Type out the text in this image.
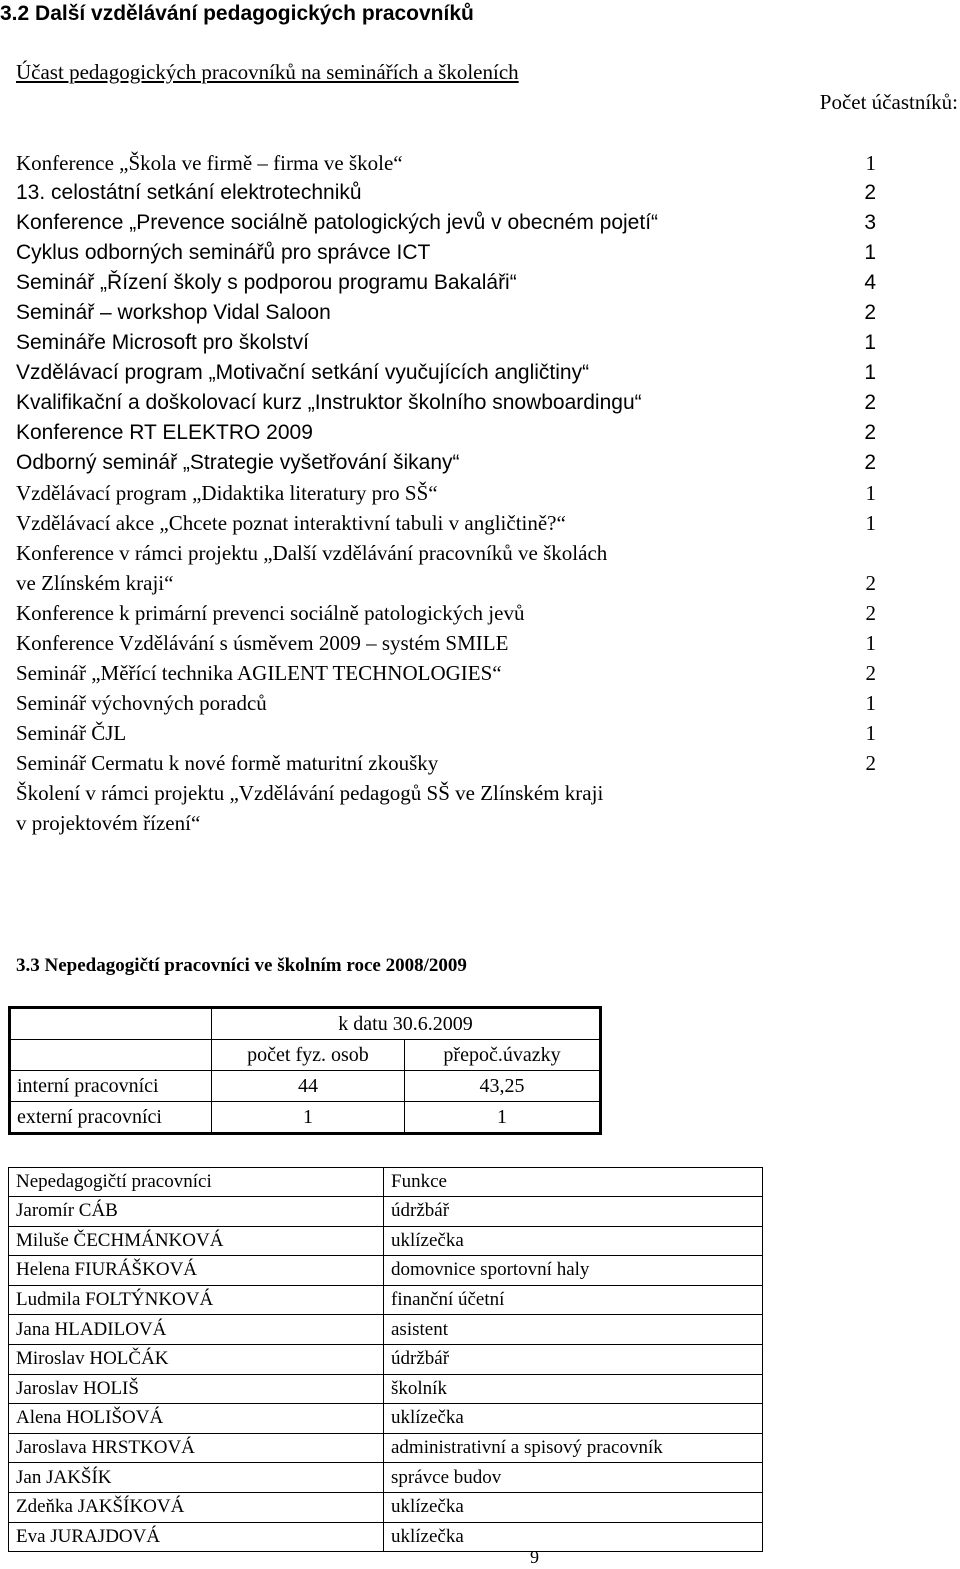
3.2 Další vzdělávání pedagogických pracovníků
Účast pedagogických pracovníků na seminářích a školeních
Počet účastníků:
Konference „Škola ve firmě – firma ve škole“	1
13. celostátní setkání elektrotechniků	2
Konference „Prevence sociálně patologických jevů v obecném pojetí“	3
Cyklus odborných seminářů pro správce ICT	1
Seminář „Řízení školy s podporou programu Bakaláři“	4
Seminář – workshop Vidal Saloon	2
Semináře Microsoft pro školství	1
Vzdělávací program „Motivační setkání vyučujících angličtiny“	1
Kvalifikační a doškolovací kurz „Instruktor školního snowboardingu“	2
Konference RT ELEKTRO 2009	2
Odborný seminář „Strategie vyšetřování šikany“	2
Vzdělávací program „Didaktika literatury pro SŠ“	1
Vzdělávací akce „Chcete poznat interaktivní tabuli v angličtině?“	1
Konference v rámci projektu „Další vzdělávání pracovníků ve školách
ve Zlínském kraji“	2
Konference k primární prevenci sociálně patologických jevů	2
Konference Vzdělávání s úsměvem 2009 – systém SMILE	1
Seminář „Měřící technika AGILENT TECHNOLOGIES“	2
Seminář výchovných poradců	1
Seminář ČJL	1
Seminář Cermatu k nové formě maturitní zkoušky	2
Školení v rámci projektu „Vzdělávání pedagogů SŠ ve Zlínském kraji
v projektovém řízení“
3.3 Nepedagogičtí pracovníci ve školním roce 2008/2009
	k datu 30.6.2009	
	počet fyz. osob	přepoč.úvazky
interní pracovníci	44	43,25
externí pracovníci	1	1
Nepedagogičtí pracovníci	Funkce
Jaromír CÁB	údržbář
Miluše ČECHMÁNKOVÁ	uklízečka
Helena FIURÁŠKOVÁ	domovnice sportovní haly
Ludmila FOLTÝNKOVÁ	finanční účetní
Jana HLADILOVÁ	asistent
Miroslav HOLČÁK	údržbář
Jaroslav HOLIŠ	školník
Alena HOLIŠOVÁ	uklízečka
Jaroslava HRSTKOVÁ	administrativní a spisový pracovník
Jan JAKŠÍK	správce budov
Zdeňka JAKŠÍKOVÁ	uklízečka
Eva JURAJDOVÁ	uklízečka
9
